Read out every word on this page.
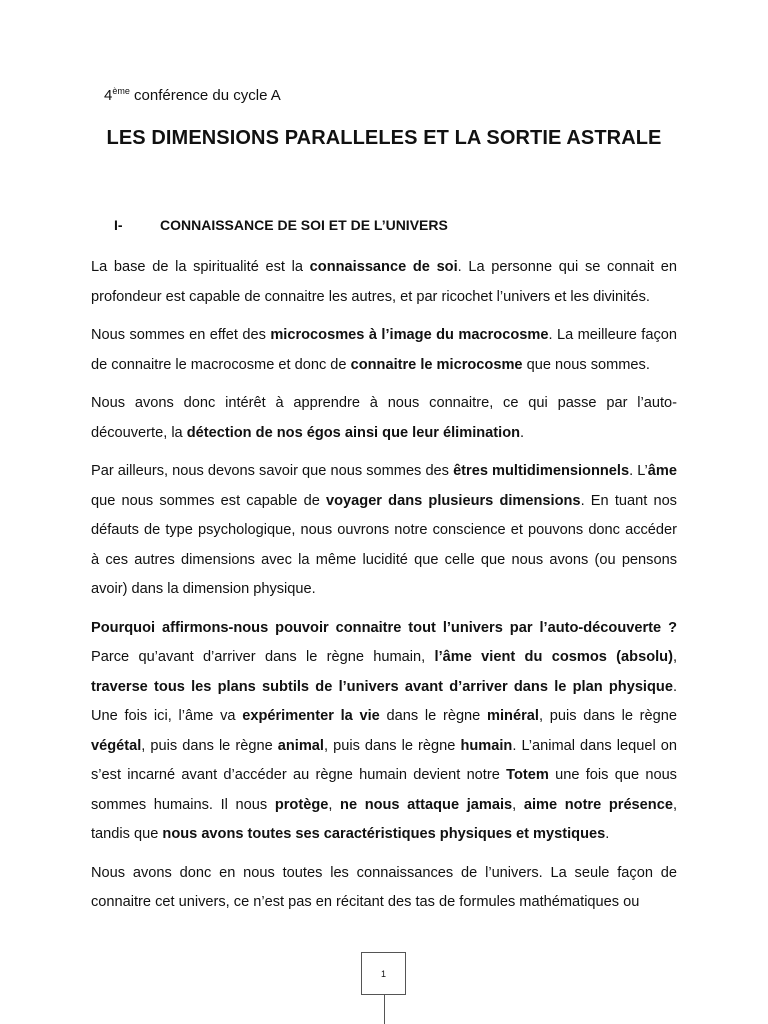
4ème conférence du cycle A
LES DIMENSIONS PARALLELES ET LA SORTIE ASTRALE
I-	CONNAISSANCE DE SOI ET DE L’UNIVERS

La base de la spiritualité est la connaissance de soi. La personne qui se connait en profondeur est capable de connaitre les autres, et par ricochet l’univers et les divinités.

Nous sommes en effet des microcosmes à l’image du macrocosme. La meilleure façon de connaitre le macrocosme et donc de connaitre le microcosme que nous sommes.

Nous avons donc intérêt à apprendre à nous connaitre, ce qui passe par l’auto-découverte, la détection de nos égos ainsi que leur élimination.

Par ailleurs, nous devons savoir que nous sommes des êtres multidimensionnels. L’âme que nous sommes est capable de voyager dans plusieurs dimensions. En tuant nos défauts de type psychologique, nous ouvrons notre conscience et pouvons donc accéder à ces autres dimensions avec la même lucidité que celle que nous avons (ou pensons avoir) dans la dimension physique.

Pourquoi affirmons-nous pouvoir connaitre tout l’univers par l’auto-découverte ? Parce qu’avant d’arriver dans le règne humain, l’âme vient du cosmos (absolu), traverse tous les plans subtils de l’univers avant d’arriver dans le plan physique. Une fois ici, l’âme va expérimenter la vie dans le règne minéral, puis dans le règne végétal, puis dans le règne animal, puis dans le règne humain. L’animal dans lequel on s’est incarné avant d’accéder au règne humain devient notre Totem une fois que nous sommes humains. Il nous protège, ne nous attaque jamais, aime notre présence, tandis que nous avons toutes ses caractéristiques physiques et mystiques.

Nous avons donc en nous toutes les connaissances de l’univers. La seule façon de connaitre cet univers, ce n’est pas en récitant des tas de formules mathématiques ou

1
